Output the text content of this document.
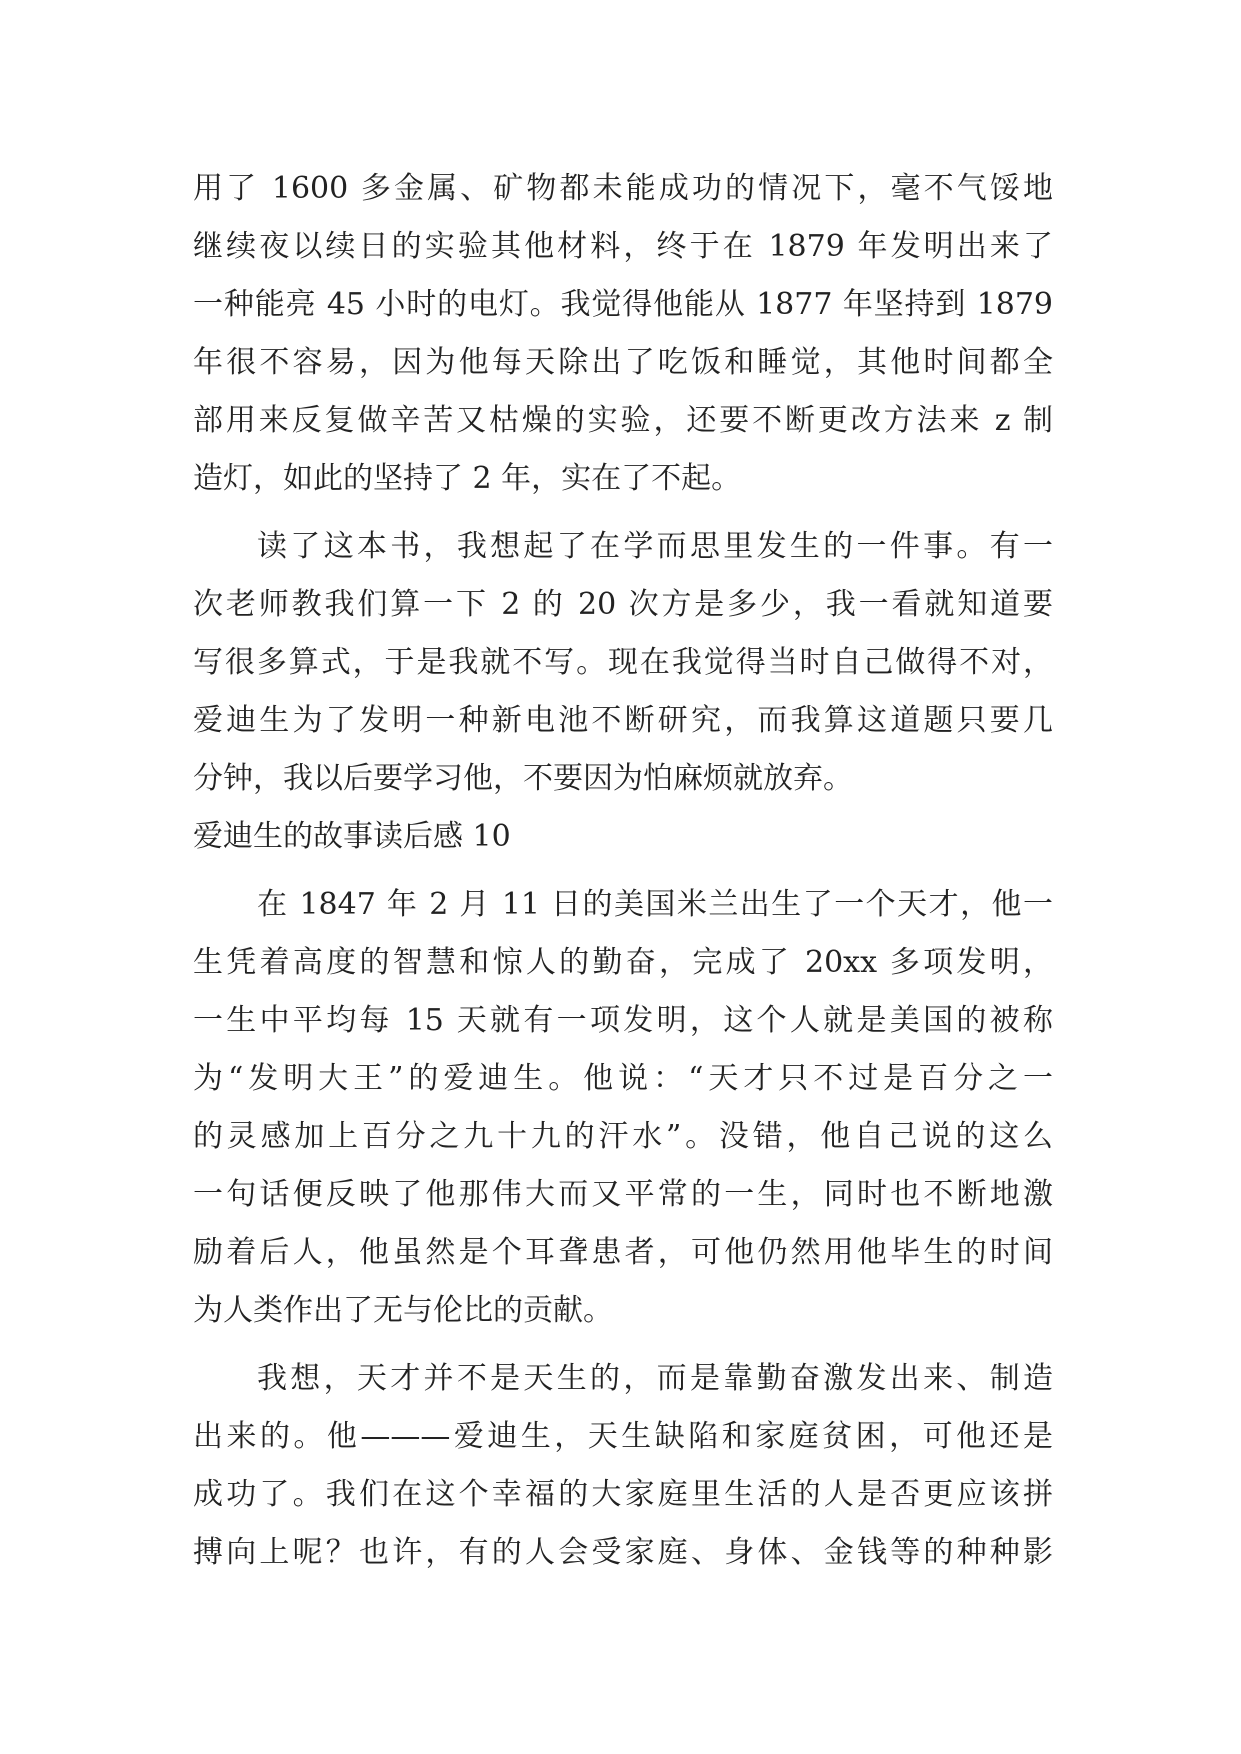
用了 1600 多金属、矿物都未能成功的情况下，毫不气馁地
继续夜以续日的实验其他材料，终于在 1879 年发明出来了
一种能亮 45 小时的电灯。我觉得他能从 1877 年坚持到 1879
年很不容易，因为他每天除出了吃饭和睡觉，其他时间都全
部用来反复做辛苦又枯燥的实验，还要不断更改方法来 z 制
造灯，如此的坚持了 2 年，实在了不起。
读了这本书，我想起了在学而思里发生的一件事。有一
次老师教我们算一下 2 的 20 次方是多少，我一看就知道要
写很多算式，于是我就不写。现在我觉得当时自己做得不对，
爱迪生为了发明一种新电池不断研究，而我算这道题只要几
分钟，我以后要学习他，不要因为怕麻烦就放弃。
爱迪生的故事读后感 10
在 1847 年 2 月 11 日的美国米兰出生了一个天才，他一
生凭着高度的智慧和惊人的勤奋，完成了 20xx 多项发明，
一生中平均每 15 天就有一项发明，这个人就是美国的被称
为“发明大王”的爱迪生。他说：“天才只不过是百分之一
的灵感加上百分之九十九的汗水”。没错，他自己说的这么
一句话便反映了他那伟大而又平常的一生，同时也不断地激
励着后人，他虽然是个耳聋患者，可他仍然用他毕生的时间
为人类作出了无与伦比的贡献。
我想，天才并不是天生的，而是靠勤奋激发出来、制造
出来的。他———爱迪生，天生缺陷和家庭贫困，可他还是
成功了。我们在这个幸福的大家庭里生活的人是否更应该拼
搏向上呢？也许，有的人会受家庭、身体、金钱等的种种影
